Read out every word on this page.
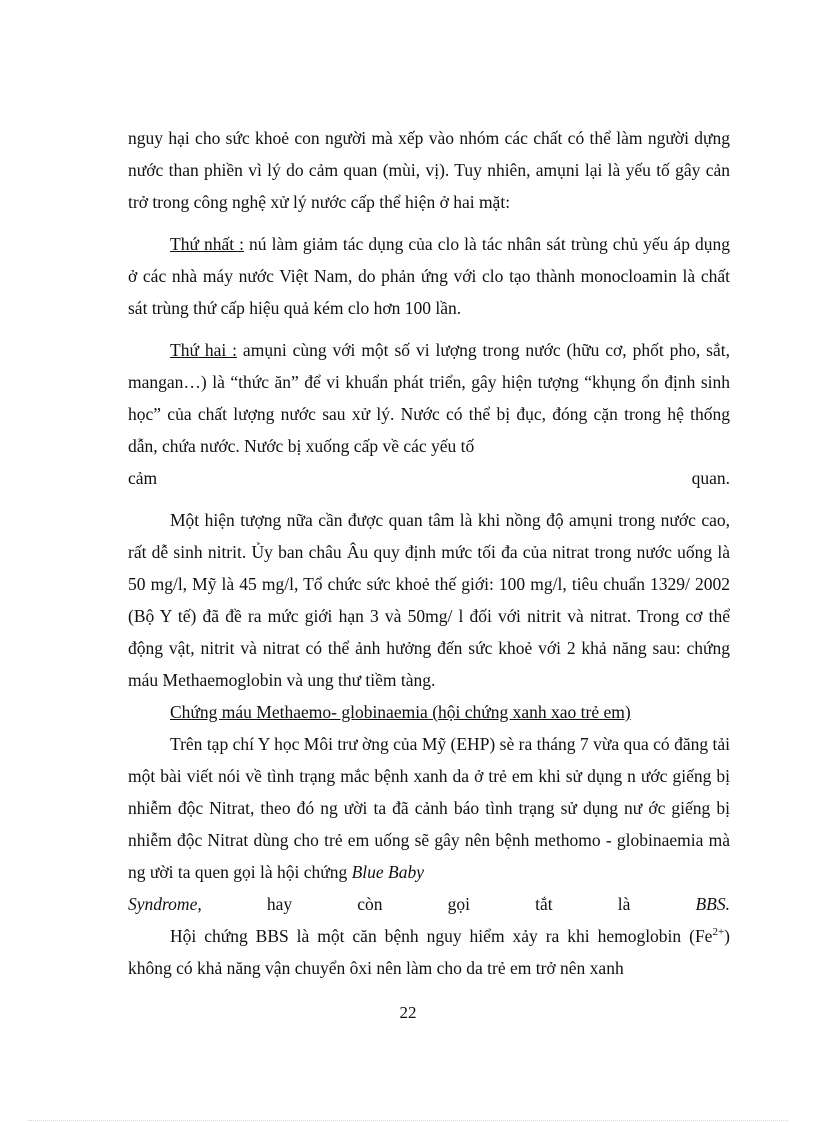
nguy hại cho sức khoẻ con người mà xếp vào nhóm các chất có thể làm người dựng nước than phiền vì lý do cảm quan (mùi, vị). Tuy nhiên, amụni lại là yếu tố gây cản trở trong công nghệ xử lý nước cấp thể hiện ở hai mặt:

Thứ nhất : nú làm giảm tác dụng của clo là tác nhân sát trùng chủ yếu áp dụng ở các nhà máy nước Việt Nam, do phản ứng với clo tạo thành monocloamin là chất sát trùng thứ cấp hiệu quả kém clo hơn 100 lần.

Thứ hai : amụni cùng với một số vi lượng trong nước (hữu cơ, phốt pho, sắt, mangan…) là “thức ăn” để vi khuẩn phát triển, gây hiện tượng “khụng ổn định sinh học” của chất lượng nước sau xử lý. Nước có thể bị đục, đóng cặn trong hệ thống dẫn, chứa nước. Nước bị xuống cấp về các yếu tố

cảm	quan.

Một hiện tượng nữa cần được quan tâm là khi nồng độ amụni trong nước cao, rất dễ sinh nitrit. Ủy ban châu Âu quy định mức tối đa của nitrat trong nước uống là 50 mg/l, Mỹ là 45 mg/l, Tổ chức sức khoẻ thế giới: 100 mg/l, tiêu chuẩn 1329/ 2002 (Bộ Y tế) đã đề ra mức giới hạn 3 và 50mg/ l đối với nitrit và nitrat. Trong cơ thể động vật, nitrit và nitrat có thể ảnh hưởng đến sức khoẻ với 2 khả năng sau: chứng máu Methaemoglobin và ung thư tiềm tàng.

Chứng máu Methaemo- globinaemia (hội chứng xanh xao trẻ em)

Trên tạp chí Y học Môi trư ờng của Mỹ (EHP) sè ra tháng 7 vừa qua có đăng tải một bài viết nói về tình trạng mắc bệnh xanh da ở trẻ em khi sử dụng n ước giếng bị nhiễm độc Nitrat, theo đó ng ười ta đã cảnh báo tình trạng sử dụng nư ớc giếng bị nhiễm độc Nitrat dùng cho trẻ em uống sẽ gây nên bệnh methomo - globinaemia mà ng ười ta quen gọi là hội chứng Blue Baby

Syndrome,	hay	còn	gọi	tắt	là	BBS.

Hội chứng BBS là một căn bệnh nguy hiểm xảy ra khi hemoglobin $(Fe^{2+})$ không có khả năng vận chuyển ôxi nên làm cho da trẻ em trở nên xanh

22
